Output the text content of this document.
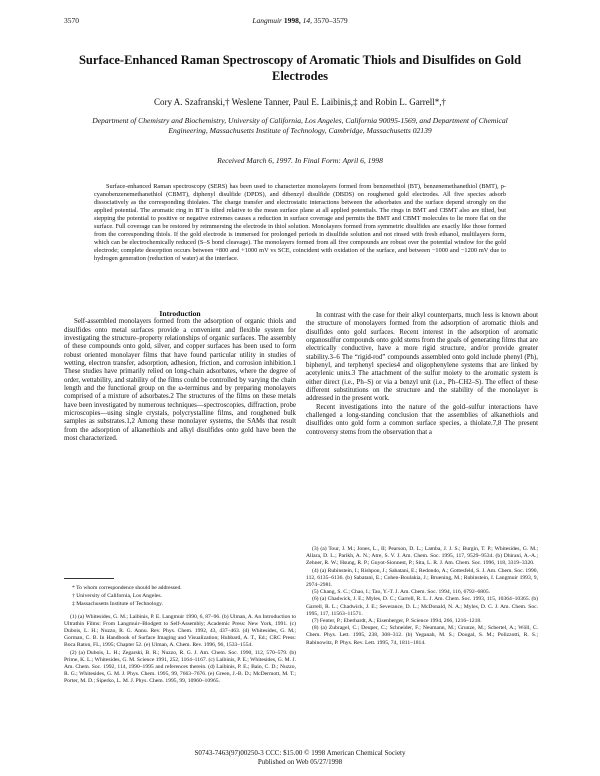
3570	Langmuir 1998, 14, 3570–3579
Surface-Enhanced Raman Spectroscopy of Aromatic Thiols and Disulfides on Gold Electrodes
Cory A. Szafranski,† Weslene Tanner, Paul E. Laibinis,‡ and Robin L. Garrell*,†
Department of Chemistry and Biochemistry, University of California, Los Angeles, California 90095-1569, and Department of Chemical Engineering, Massachusetts Institute of Technology, Cambridge, Massachusetts 02139
Received March 6, 1997. In Final Form: April 6, 1998

Surface-enhanced Raman spectroscopy (SERS) has been used to characterize monolayers formed from benzenethiol (BT), benzenemethanethiol (BMT), p-cyanobenzenemethanethiol (CBMT), diphenyl disulfide (DPDS), and dibenzyl disulfide (DBDS) on roughened gold electrodes. All five species adsorb dissociatively as the corresponding thiolates. The charge transfer and electrostatic interactions between the adsorbates and the surface depend strongly on the applied potential. The aromatic ring in BT is tilted relative to the mean surface plane at all applied potentials. The rings in BMT and CBMT also are tilted, but stepping the potential to positive or negative extremes causes a reduction in surface coverage and permits the BMT and CBMT molecules to lie more flat on the surface. Full coverage can be restored by reimmersing the electrode in thiol solution. Monolayers formed from symmetric disulfides are exactly like those formed from the corresponding thiols. If the gold electrode is immersed for prolonged periods in disulfide solution and not rinsed with fresh ethanol, multilayers form, which can be electrochemically reduced (S–S bond cleavage). The monolayers formed from all five compounds are robust over the potential window for the gold electrode; complete desorption occurs between +800 and +1000 mV vs SCE, coincident with oxidation of the surface, and between −1000 and −1200 mV due to hydrogen generation (reduction of water) at the interface.

Introduction

Self-assembled monolayers formed from the adsorption of organic thiols and disulfides onto metal surfaces provide a convenient and flexible system for investigating the structure–property relationships of organic surfaces. The assembly of these compounds onto gold, silver, and copper surfaces has been used to form robust oriented monolayer films that have found particular utility in studies of wetting, electron transfer, adsorption, adhesion, friction, and corrosion inhibition.1 These studies have primarily relied on long-chain adsorbates, where the degree of order, wettability, and stability of the films could be controlled by varying the chain length and the functional group on the ω-terminus and by preparing monolayers comprised of a mixture of adsorbates.2 The structures of the films on these metals have been investigated by numerous techniques—spectroscopies, diffraction, probe microscopies—using single crystals, polycrystalline films, and roughened bulk samples as substrates.1,2 Among these monolayer systems, the SAMs that result from the adsorption of alkanethiols and alkyl disulfides onto gold have been the most characterized.

In contrast with the case for their alkyl counterparts, much less is known about the structure of monolayers formed from the adsorption of aromatic thiols and disulfides onto gold surfaces. Recent interest in the adsorption of aromatic organosulfur compounds onto gold stems from the goals of generating films that are electrically conductive, have a more rigid structure, and/or provide greater stability.3–6 The “rigid-rod” compounds assembled onto gold include phenyl (Ph), biphenyl, and terphenyl species4 and oligophenylene systems that are linked by acetylenic units.3 The attachment of the sulfur moiety to the aromatic system is either direct (i.e., Ph–S) or via a benzyl unit (i.e., Ph–CH2–S). The effect of these different substitutions on the structure and the stability of the monolayer is addressed in the present work.

Recent investigations into the nature of the gold–sulfur interactions have challenged a long-standing conclusion that the assemblies of alkanethiols and disulfides onto gold form a common surface species, a thiolate.7,8 The present controversy stems from the observation that a

* To whom correspondence should be addressed.

† University of California, Los Angeles.

‡ Massachusetts Institute of Technology.

(1) (a) Whitesides, G. M.; Laibinis, P. E. Langmuir 1990, 6, 87–96. (b) Ulman, A. An Introduction to Ultrathin Films: From Langmuir–Blodgett to Self-Assembly; Academic Press: New York, 1991. (c) Dubois, L. H.; Nuzzo, R. G. Annu. Rev. Phys. Chem. 1992, 43, 437–463. (d) Whitesides, G. M.; Gorman, C. B. In Handbook of Surface Imaging and Visualization; Hubbard, A. T., Ed.; CRC Press: Boca Raton, FL, 1995; Chapter 52. (e) Ulman, A. Chem. Rev. 1996, 96, 1533–1554.

(2) (a) Dubois, L. H.; Zegarski, B. R.; Nuzzo, R. G. J. Am. Chem. Soc. 1990, 112, 570–579. (b) Prime, K. L.; Whitesides, G. M. Science 1991, 252, 1164–1167. (c) Laibinis, P. E.; Whitesides, G. M. J. Am. Chem. Soc. 1992, 114, 1990–1995 and references therein. (d) Laibinis, P. E.; Bain, C. D.; Nuzzo, R. G.; Whitesides, G. M. J. Phys. Chem. 1995, 99, 7663–7676. (e) Green, J.-B. D.; McDermott, M. T.; Porter, M. D.; Siperko, L. M. J. Phys. Chem. 1995, 99, 10960–10965.

(3) (a) Tour, J. M.; Jones, L., II; Pearson, D. L.; Lamba, J. J. S.; Burgin, T. P.; Whitesides, G. M.; Allara, D. L.; Parikh, A. N.; Atre, S. V. J. Am. Chem. Soc. 1995, 117, 9529–9534. (b) Dhirani, A.-A.; Zehner, R. W.; Hsung, R. P.; Guyot-Sionnest, P.; Sita, L. R. J. Am. Chem. Soc. 1996, 118, 3319–3320.

(4) (a) Rubinstein, I.; Rishpon, J.; Sabatani, E.; Redondo, A.; Gottesfeld, S. J. Am. Chem. Soc. 1990, 112, 6135–6136. (b) Sabatani, E.; Cohen-Boulakia, J.; Bruening, M.; Rubinstein, I. Langmuir 1993, 9, 2974–2981.

(5) Chang, S. C.; Chao, I.; Tao, Y.-T. J. Am. Chem. Soc. 1994, 116, 6792–6805.

(6) (a) Chadwick, J. E.; Myles, D. C.; Garrell, R. L. J. Am. Chem. Soc. 1993, 115, 10364–10365. (b) Garrell, R. L.; Chadwick, J. E.; Severance, D. L.; McDonald, N. A.; Myles, D. C. J. Am. Chem. Soc. 1995, 117, 11563–11571.

(7) Fenter, P.; Eberhardt, A.; Eisenberger, P. Science 1994, 266, 1216–1218.

(8) (a) Zubragel, C.; Deuper, C.; Schneider, F.; Neumann, M.; Grunze, M.; Schertel, A.; Wöll, C. Chem. Phys. Lett. 1995, 238, 308–312. (b) Yeganah, M. S.; Dougal, S. M.; Polizzotti, R. S.; Rabinowitz, P. Phys. Rev. Lett. 1995, 74, 1811–1814.

S0743-7463(97)00250-3 CCC: $15.00 © 1998 American Chemical Society
Published on Web 05/27/1998
